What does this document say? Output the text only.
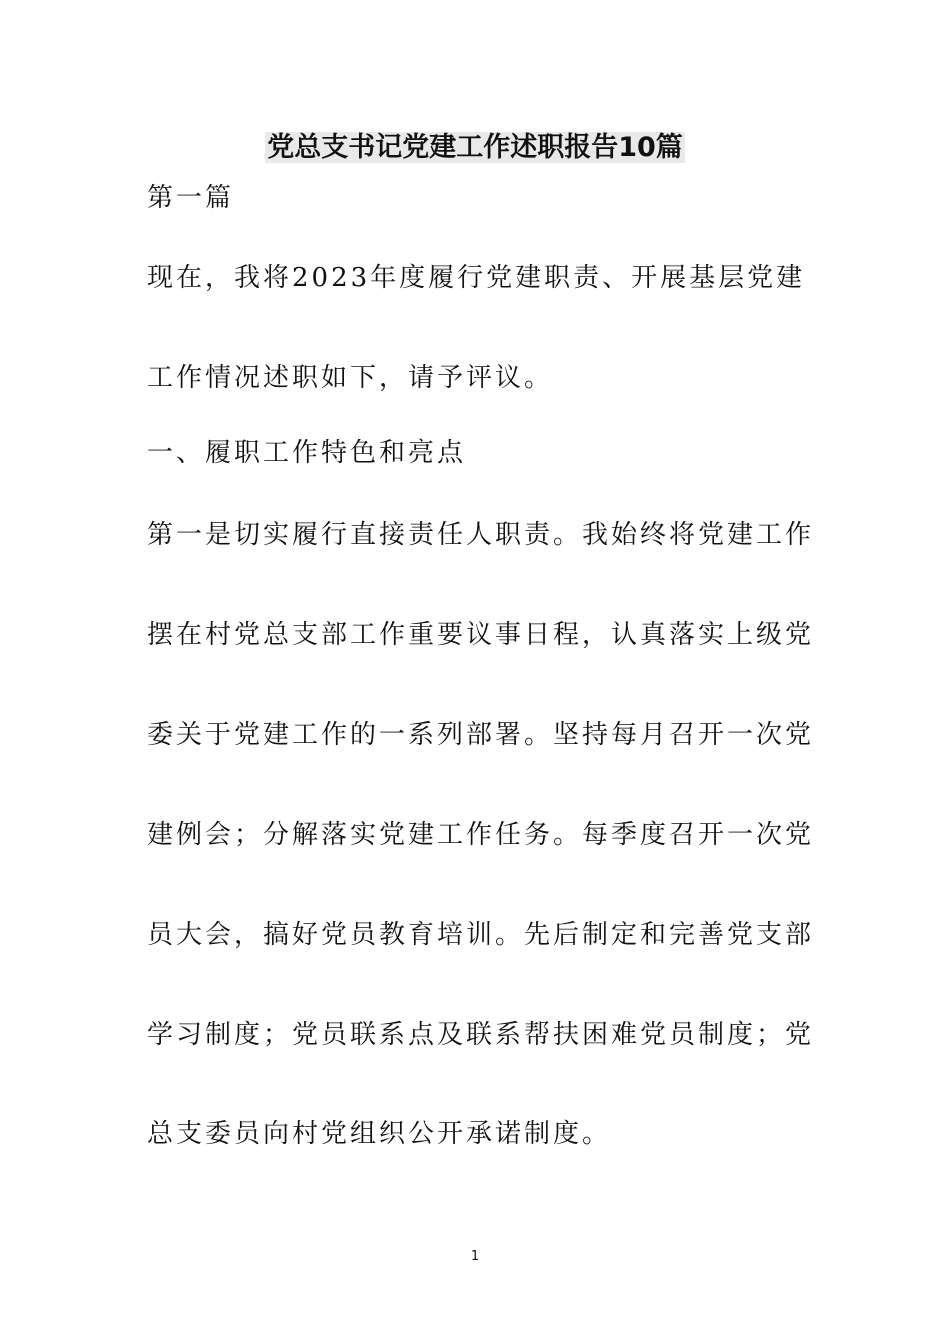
党总支书记党建工作述职报告10篇
第一篇
现在，我将2023年度履行党建职责、开展基层党建
工作情况述职如下，请予评议。
一、履职工作特色和亮点
第一是切实履行直接责任人职责。我始终将党建工作
摆在村党总支部工作重要议事日程，认真落实上级党
委关于党建工作的一系列部署。坚持每月召开一次党
建例会；分解落实党建工作任务。每季度召开一次党
员大会，搞好党员教育培训。先后制定和完善党支部
学习制度；党员联系点及联系帮扶困难党员制度；党
总支委员向村党组织公开承诺制度。
1
